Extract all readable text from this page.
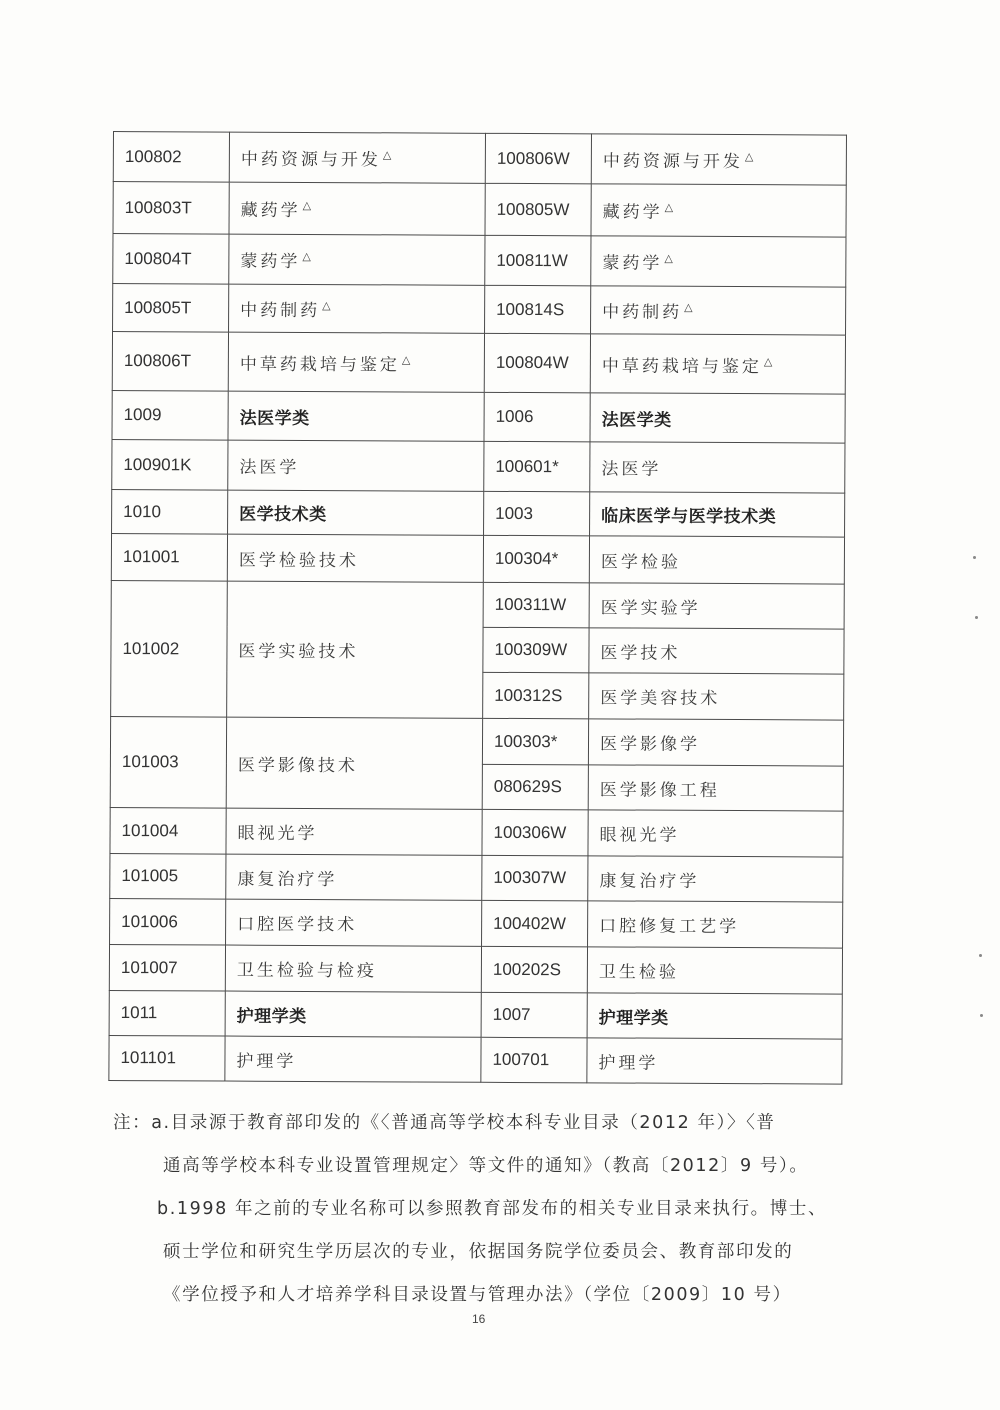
100802	中药资源与开发 △	100806W	中药资源与开发 △
100803T	藏药学 △	100805W	藏药学 △
100804T	蒙药学 △	100811W	蒙药学 △
100805T	中药制药 △	100814S	中药制药 △
100806T	中草药栽培与鉴定 △	100804W	中草药栽培与鉴定 △
1009	法医学类	1006	法医学类
100901K	法医学	100601*	法医学
1010	医学技术类	1003	临床医学与医学技术类
101001	医学检验技术	100304*	医学检验
101002	医学实验技术	100311W	医学实验学
		100309W	医学技术
		100312S	医学美容技术
101003	医学影像技术	100303*	医学影像学
		080629S	医学影像工程
101004	眼视光学	100306W	眼视光学
101005	康复治疗学	100307W	康复治疗学
101006	口腔医学技术	100402W	口腔修复工艺学
101007	卫生检验与检疫	100202S	卫生检验
1011	护理学类	1007	护理学类
101101	护理学	100701	护理学
注：a.目录源于教育部印发的《〈普通高等学校本科专业目录（2012 年）〉〈普
通高等学校本科专业设置管理规定〉等文件的通知》（教高〔2012〕9 号）。
b.1998 年之前的专业名称可以参照教育部发布的相关专业目录来执行。博士、
硕士学位和研究生学历层次的专业，依据国务院学位委员会、教育部印发的
《学位授予和人才培养学科目录设置与管理办法》（学位〔2009〕10 号）
16
